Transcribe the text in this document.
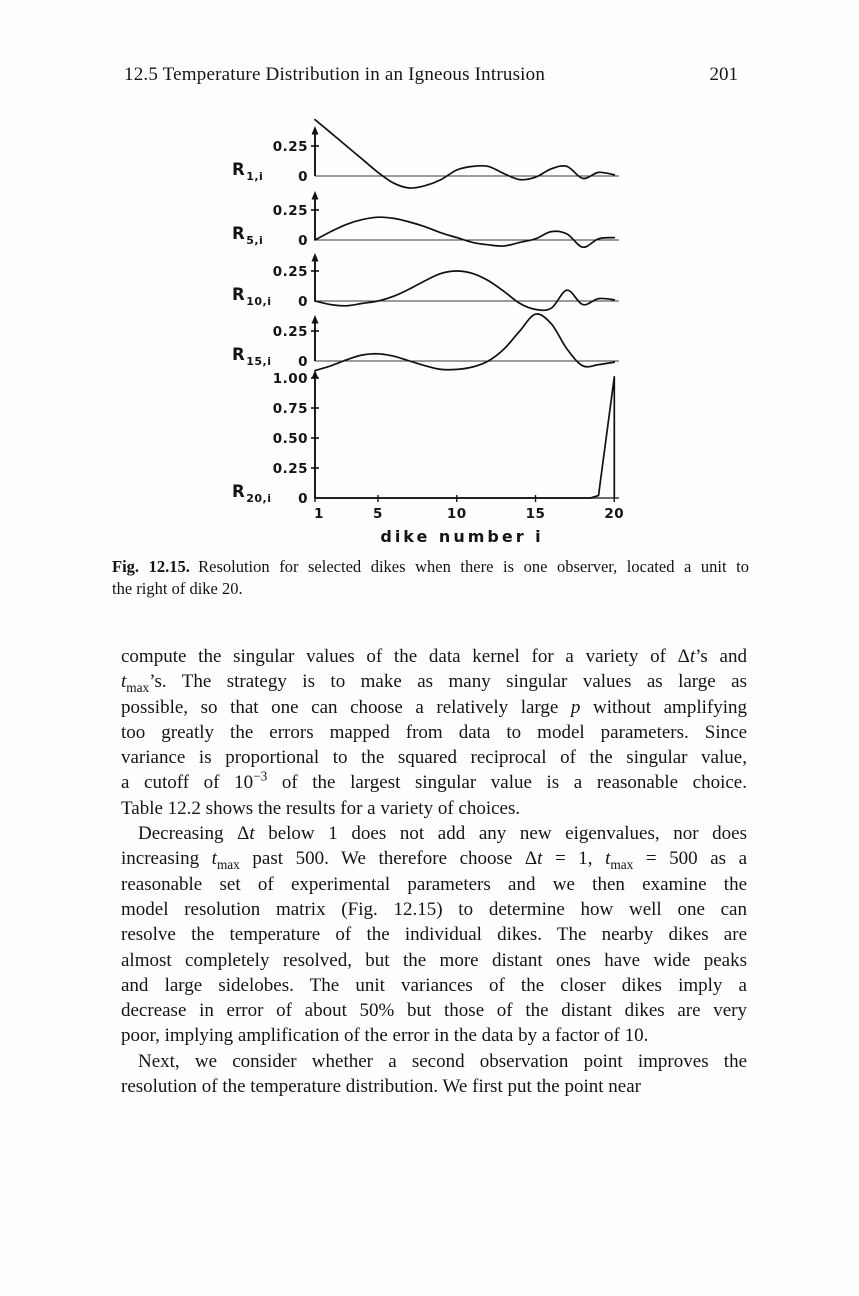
12.5 Temperature Distribution in an Igneous Intrusion	201
0.25
0
$R_{1,i}$
0.25
0
$R_{5,i}$
0.25
0
$R_{10,i}$
0.25
0
$R_{15,i}$
1.00
0.75
0.50
0.25
0
$R_{20,i}$
1	5	10	15	20
dike number i
Fig. 12.15. Resolution for selected dikes when there is one observer, located a unit to
the right of dike 20.
compute the singular values of the data kernel for a variety of Δt’s and
$t_{max}’s$. The strategy is to make as many singular values as large as
possible, so that one can choose a relatively large p without amplifying
too greatly the errors mapped from data to model parameters. Since
variance is proportional to the squared reciprocal of the singular value,
a cutoff of $10^{-3}$ of the largest singular value is a reasonable choice.
Table 12.2 shows the results for a variety of choices.
Decreasing Δt below 1 does not add any new eigenvalues, nor does
increasing $t_{max}$ past 500. We therefore choose Δt = 1, $t_{max} = 500$ as a
reasonable set of experimental parameters and we then examine the
model resolution matrix (Fig. 12.15) to determine how well one can
resolve the temperature of the individual dikes. The nearby dikes are
almost completely resolved, but the more distant ones have wide peaks
and large sidelobes. The unit variances of the closer dikes imply a
decrease in error of about 50% but those of the distant dikes are very
poor, implying amplification of the error in the data by a factor of 10.
Next, we consider whether a second observation point improves the
resolution of the temperature distribution. We first put the point near
